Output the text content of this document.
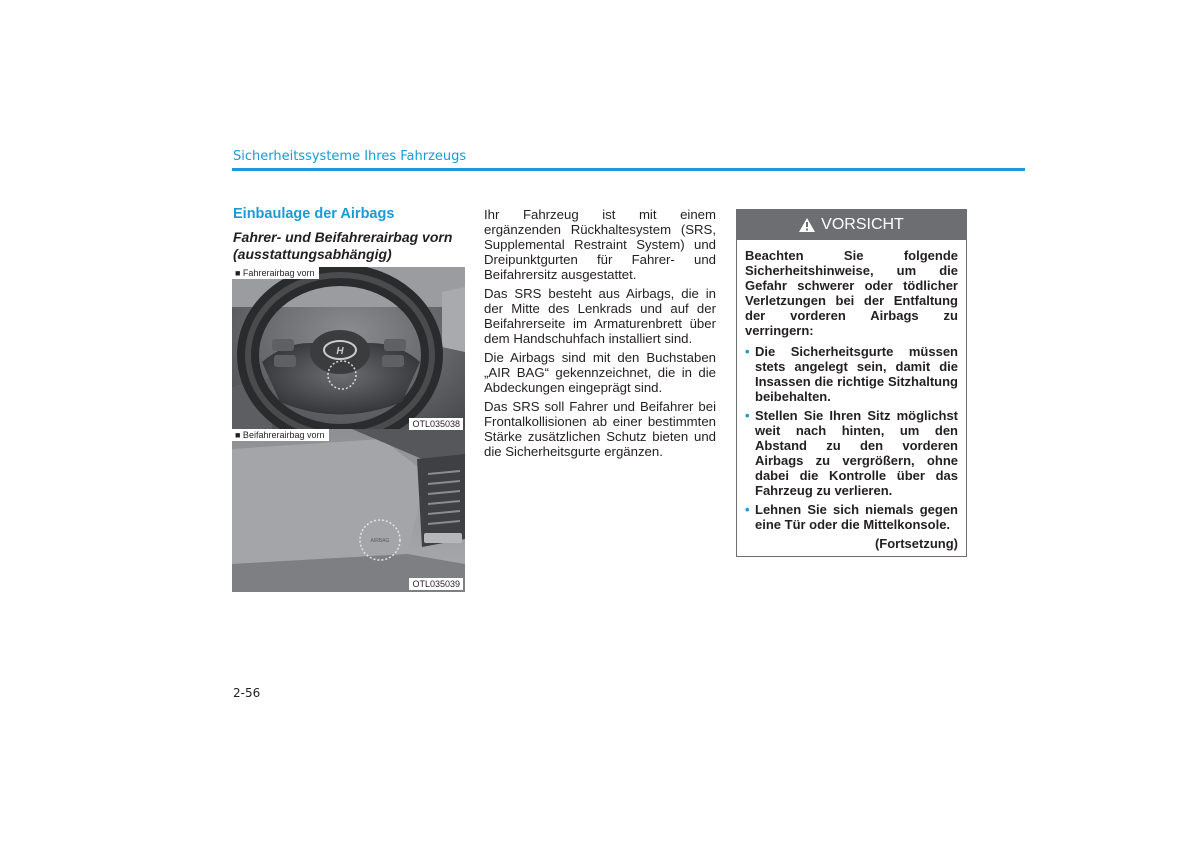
Sicherheitssysteme Ihres Fahrzeugs
Einbaulage der Airbags
Fahrer- und Beifahrerairbag vorn (ausstattungsabhängig)
H
■ Fahrerairbag vorn
OTL035038
AIRBAG
■ Beifahrerairbag vorn
OTL035039

Ihr Fahrzeug ist mit einem ergänzenden Rückhaltesystem (SRS, Supplemental Restraint System) und Dreipunktgurten für Fahrer- und Beifahrersitz ausgestattet.

Das SRS besteht aus Airbags, die in der Mitte des Lenkrads und auf der Beifahrerseite im Armaturenbrett über dem Handschuhfach installiert sind.

Die Airbags sind mit den Buchstaben „AIR BAG“ gekennzeichnet, die in die Abdeckungen eingeprägt sind.

Das SRS soll Fahrer und Beifahrer bei Frontalkollisionen ab einer bestimmten Stärke zusätzlichen Schutz bieten und die Sicherheitsgurte ergänzen.

VORSICHT

Beachten Sie folgende Sicherheitshinweise, um die Gefahr schwerer oder tödlicher Verletzungen bei der Entfaltung der vorderen Airbags zu verringern:

• Die Sicherheitsgurte müssen stets angelegt sein, damit die Insassen die richtige Sitzhaltung beibehalten.
• Stellen Sie Ihren Sitz möglichst weit nach hinten, um den Abstand zu den vorderen Airbags zu vergrößern, ohne dabei die Kontrolle über das Fahrzeug zu verlieren.
• Lehnen Sie sich niemals gegen eine Tür oder die Mittelkonsole.
(Fortsetzung)
2-56
